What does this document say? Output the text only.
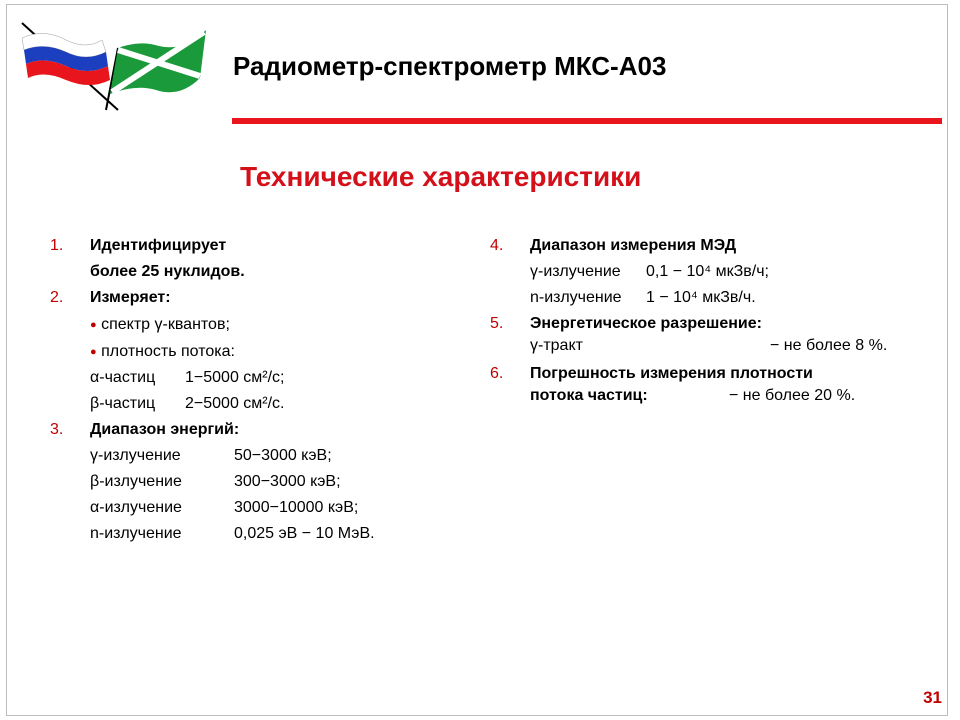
Радиометр-спектрометр МКС-А03
Технические характеристики
1. Идентифицирует
более 25 нуклидов.
2. Измеряет:
● спектр γ-квантов;
● плотность потока:
α-частиц 1−5000 см²/с;
β-частиц 2−5000 см²/с.
3. Диапазон энергий:
γ-излучение	50−3000 кэВ;
β-излучение	300−3000 кэВ;
α-излучение	3000−10000 кэВ;
n-излучение	0,025 эВ − 10 МэВ.
4. Диапазон измерения МЭД
γ-излучение 0,1 − 10⁴ мкЗв/ч;
n-излучение 1 − 10⁴ мкЗв/ч.
5. Энергетическое разрешение:
γ-тракт	− не более 8 %.
6. Погрешность измерения плотности
потока частиц:	− не более 20 %.
31
